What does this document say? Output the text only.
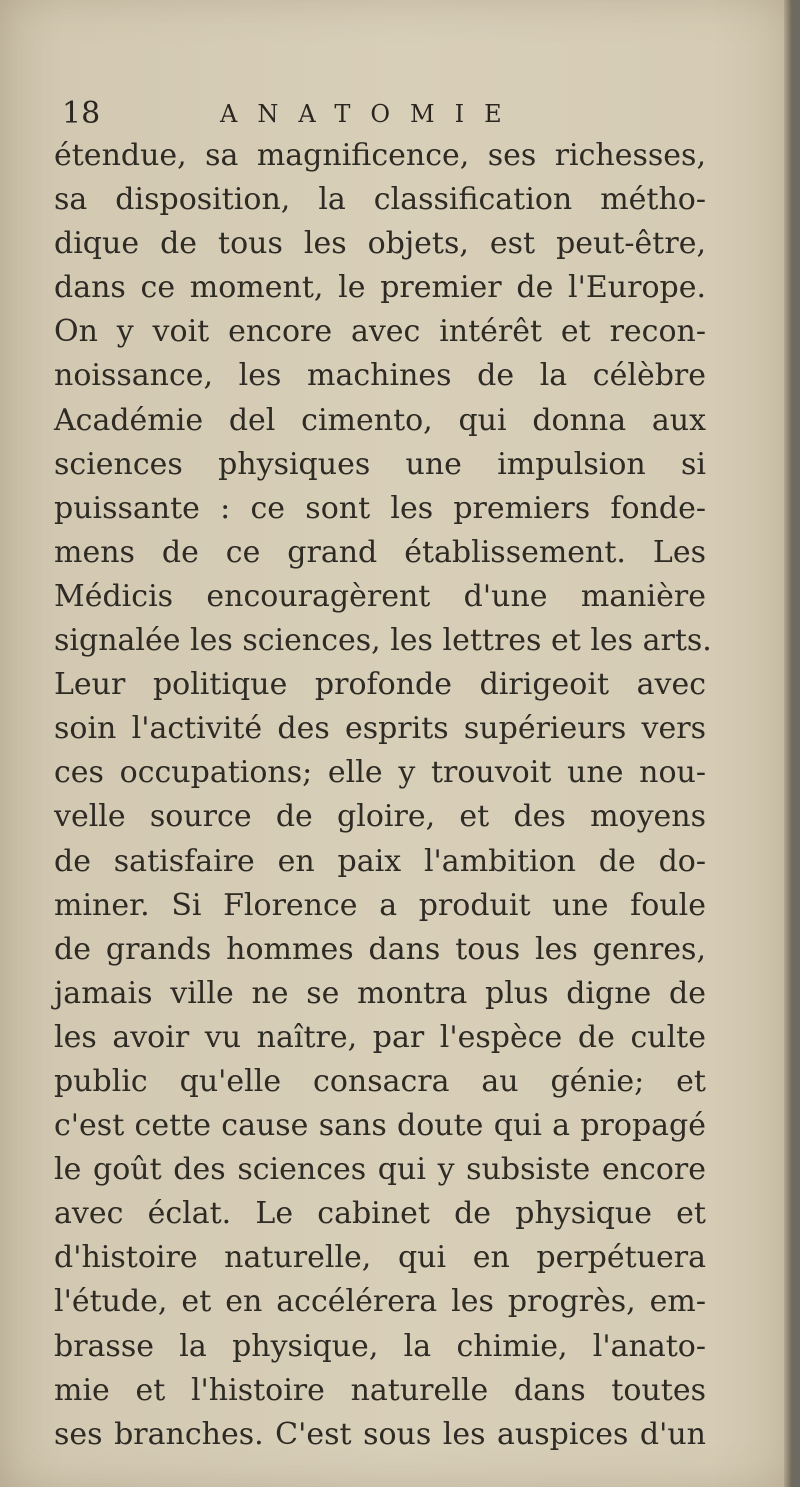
18	ANATOMIE
étendue, sa magnificence, ses richesses,
sa disposition, la classification métho-
dique de tous les objets, est peut-être,
dans ce moment, le premier de l'Europe.
On y voit encore avec intérêt et recon-
noissance, les machines de la célèbre
Académie del cimento, qui donna aux
sciences physiques une impulsion si
puissante : ce sont les premiers fonde-
mens de ce grand établissement. Les
Médicis encouragèrent d'une manière
signalée les sciences, les lettres et les arts.
Leur politique profonde dirigeoit avec
soin l'activité des esprits supérieurs vers
ces occupations; elle y trouvoit une nou-
velle source de gloire, et des moyens
de satisfaire en paix l'ambition de do-
miner. Si Florence a produit une foule
de grands hommes dans tous les genres,
jamais ville ne se montra plus digne de
les avoir vu naître, par l'espèce de culte
public qu'elle consacra au génie; et
c'est cette cause sans doute qui a propagé
le goût des sciences qui y subsiste encore
avec éclat. Le cabinet de physique et
d'histoire naturelle, qui en perpétuera
l'étude, et en accélérera les progrès, em-
brasse la physique, la chimie, l'anato-
mie et l'histoire naturelle dans toutes
ses branches. C'est sous les auspices d'un
